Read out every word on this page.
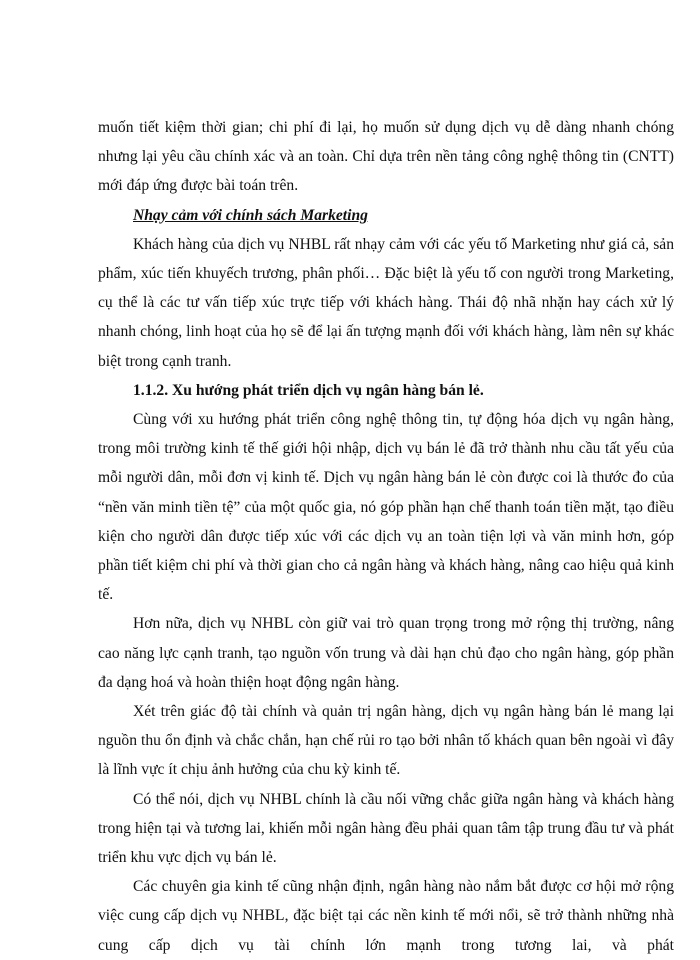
muốn tiết kiệm thời gian; chi phí đi lại, họ muốn sử dụng dịch vụ dễ dàng nhanh chóng nhưng lại yêu cầu chính xác và an toàn. Chỉ dựa trên nền tảng công nghệ thông tin (CNTT) mới đáp ứng được bài toán trên.

Nhạy cảm với chính sách Marketing

Khách hàng của dịch vụ NHBL rất nhạy cảm với các yếu tố Marketing như giá cả, sản phẩm, xúc tiến khuyếch trương, phân phối… Đặc biệt là yếu tố con người trong Marketing, cụ thể là các tư vấn tiếp xúc trực tiếp với khách hàng. Thái độ nhã nhặn hay cách xử lý nhanh chóng, linh hoạt của họ sẽ để lại ấn tượng mạnh đối với khách hàng, làm nên sự khác biệt trong cạnh tranh.

1.1.2. Xu hướng phát triển dịch vụ ngân hàng bán lẻ.

Cùng với xu hướng phát triển công nghệ thông tin, tự động hóa dịch vụ ngân hàng, trong môi trường kinh tế thế giới hội nhập, dịch vụ bán lẻ đã trở thành nhu cầu tất yếu của mỗi người dân, mỗi đơn vị kinh tế. Dịch vụ ngân hàng bán lẻ còn được coi là thước đo của “nền văn minh tiền tệ” của một quốc gia, nó góp phần hạn chế thanh toán tiền mặt, tạo điều kiện cho người dân được tiếp xúc với các dịch vụ an toàn tiện lợi và văn minh hơn, góp phần tiết kiệm chi phí và thời gian cho cả ngân hàng và khách hàng, nâng cao hiệu quả kinh tế.

Hơn nữa, dịch vụ NHBL còn giữ vai trò quan trọng trong mở rộng thị trường, nâng cao năng lực cạnh tranh, tạo nguồn vốn trung và dài hạn chủ đạo cho ngân hàng, góp phần đa dạng hoá và hoàn thiện hoạt động ngân hàng.

Xét trên giác độ tài chính và quản trị ngân hàng, dịch vụ ngân hàng bán lẻ mang lại nguồn thu ổn định và chắc chắn, hạn chế rủi ro tạo bởi nhân tố khách quan bên ngoài vì đây là lĩnh vực ít chịu ảnh hưởng của chu kỳ kinh tế.

Có thể nói, dịch vụ NHBL chính là cầu nối vững chắc giữa ngân hàng và khách hàng trong hiện tại và tương lai, khiến mỗi ngân hàng đều phải quan tâm tập trung đầu tư và phát triển khu vực dịch vụ bán lẻ.

Các chuyên gia kinh tế cũng nhận định, ngân hàng nào nắm bắt được cơ hội mở rộng việc cung cấp dịch vụ NHBL, đặc biệt tại các nền kinh tế mới nổi, sẽ trở thành những nhà cung cấp dịch vụ tài chính lớn mạnh trong tương lai, và phát
